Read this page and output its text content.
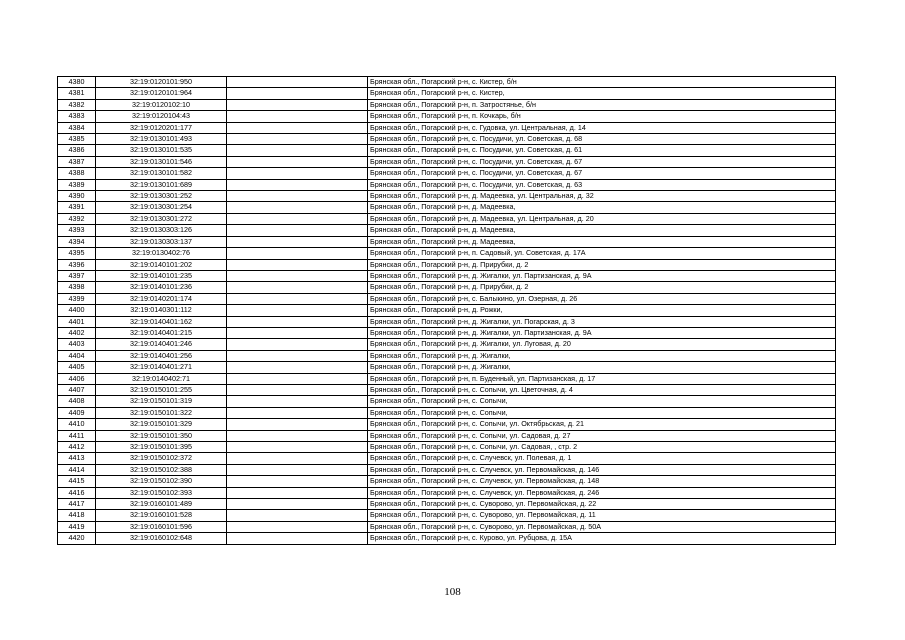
4380	32:19:0120101:950		Брянская обл., Погарский р-н, с. Кистер, б/н
4381	32:19:0120101:964		Брянская обл., Погарский р-н, с. Кистер,
4382	32:19:0120102:10		Брянская обл., Погарский р-н, п. Затростянье, б/н
4383	32:19:0120104:43		Брянская обл., Погарский р-н, п. Кочкарь, б/н
4384	32:19:0120201:177		Брянская обл., Погарский р-н, с. Гудовка, ул. Центральная, д. 14
4385	32:19:0130101:493		Брянская обл., Погарский р-н, с. Посудичи, ул. Советская, д. 68
4386	32:19:0130101:535		Брянская обл., Погарский р-н, с. Посудичи, ул. Советская, д. 61
4387	32:19:0130101:546		Брянская обл., Погарский р-н, с. Посудичи, ул. Советская, д. 67
4388	32:19:0130101:582		Брянская обл., Погарский р-н, с. Посудичи, ул. Советская, д. 67
4389	32:19:0130101:689		Брянская обл., Погарский р-н, с. Посудичи, ул. Советская, д. 63
4390	32:19:0130301:252		Брянская обл., Погарский р-н, д. Мадеевка, ул. Центральная, д. 32
4391	32:19:0130301:254		Брянская обл., Погарский р-н, д. Мадеевка,
4392	32:19:0130301:272		Брянская обл., Погарский р-н, д. Мадеевка, ул. Центральная, д. 20
4393	32:19:0130303:126		Брянская обл., Погарский р-н, д. Мадеевка,
4394	32:19:0130303:137		Брянская обл., Погарский р-н, д. Мадеевка,
4395	32:19:0130402:76		Брянская обл., Погарский р-н, п. Садовый, ул. Советская, д. 17А
4396	32:19:0140101:202		Брянская обл., Погарский р-н, д. Прирубки, д. 2
4397	32:19:0140101:235		Брянская обл., Погарский р-н, д. Жигалки, ул. Партизанская, д. 9А
4398	32:19:0140101:236		Брянская обл., Погарский р-н, д. Прирубки, д. 2
4399	32:19:0140201:174		Брянская обл., Погарский р-н, с. Балыкино, ул. Озерная, д. 26
4400	32:19:0140301:112		Брянская обл., Погарский р-н, д. Рожки,
4401	32:19:0140401:162		Брянская обл., Погарский р-н, д. Жигалки, ул. Погарская, д. 3
4402	32:19:0140401:215		Брянская обл., Погарский р-н, д. Жигалки, ул. Партизанская, д. 9А
4403	32:19:0140401:246		Брянская обл., Погарский р-н, д. Жигалки, ул. Луговая, д. 20
4404	32:19:0140401:256		Брянская обл., Погарский р-н, д. Жигалки,
4405	32:19:0140401:271		Брянская обл., Погарский р-н, д. Жигалки,
4406	32:19:0140402:71		Брянская обл., Погарский р-н, п. Буденный, ул. Партизанская, д. 17
4407	32:19:0150101:255		Брянская обл., Погарский р-н, с. Сопычи, ул. Цветочная, д. 4
4408	32:19:0150101:319		Брянская обл., Погарский р-н, с. Сопычи,
4409	32:19:0150101:322		Брянская обл., Погарский р-н, с. Сопычи,
4410	32:19:0150101:329		Брянская обл., Погарский р-н, с. Сопычи, ул. Октябрьская, д. 21
4411	32:19:0150101:350		Брянская обл., Погарский р-н, с. Сопычи, ул. Садовая, д. 27
4412	32:19:0150101:395		Брянская обл., Погарский р-н, с. Сопычи, ул. Садовая, , стр. 2
4413	32:19:0150102:372		Брянская обл., Погарский р-н, с. Случевск, ул. Полевая, д. 1
4414	32:19:0150102:388		Брянская обл., Погарский р-н, с. Случевск, ул. Первомайская, д. 146
4415	32:19:0150102:390		Брянская обл., Погарский р-н, с. Случевск, ул. Первомайская, д. 148
4416	32:19:0150102:393		Брянская обл., Погарский р-н, с. Случевск, ул. Первомайская, д. 246
4417	32:19:0160101:489		Брянская обл., Погарский р-н, с. Суворово, ул. Первомайская, д. 22
4418	32:19:0160101:528		Брянская обл., Погарский р-н, с. Суворово, ул. Первомайская, д. 11
4419	32:19:0160101:596		Брянская обл., Погарский р-н, с. Суворово, ул. Первомайская, д. 50А
4420	32:19:0160102:648		Брянская обл., Погарский р-н, с. Курово, ул. Рубцова, д. 15А
108
